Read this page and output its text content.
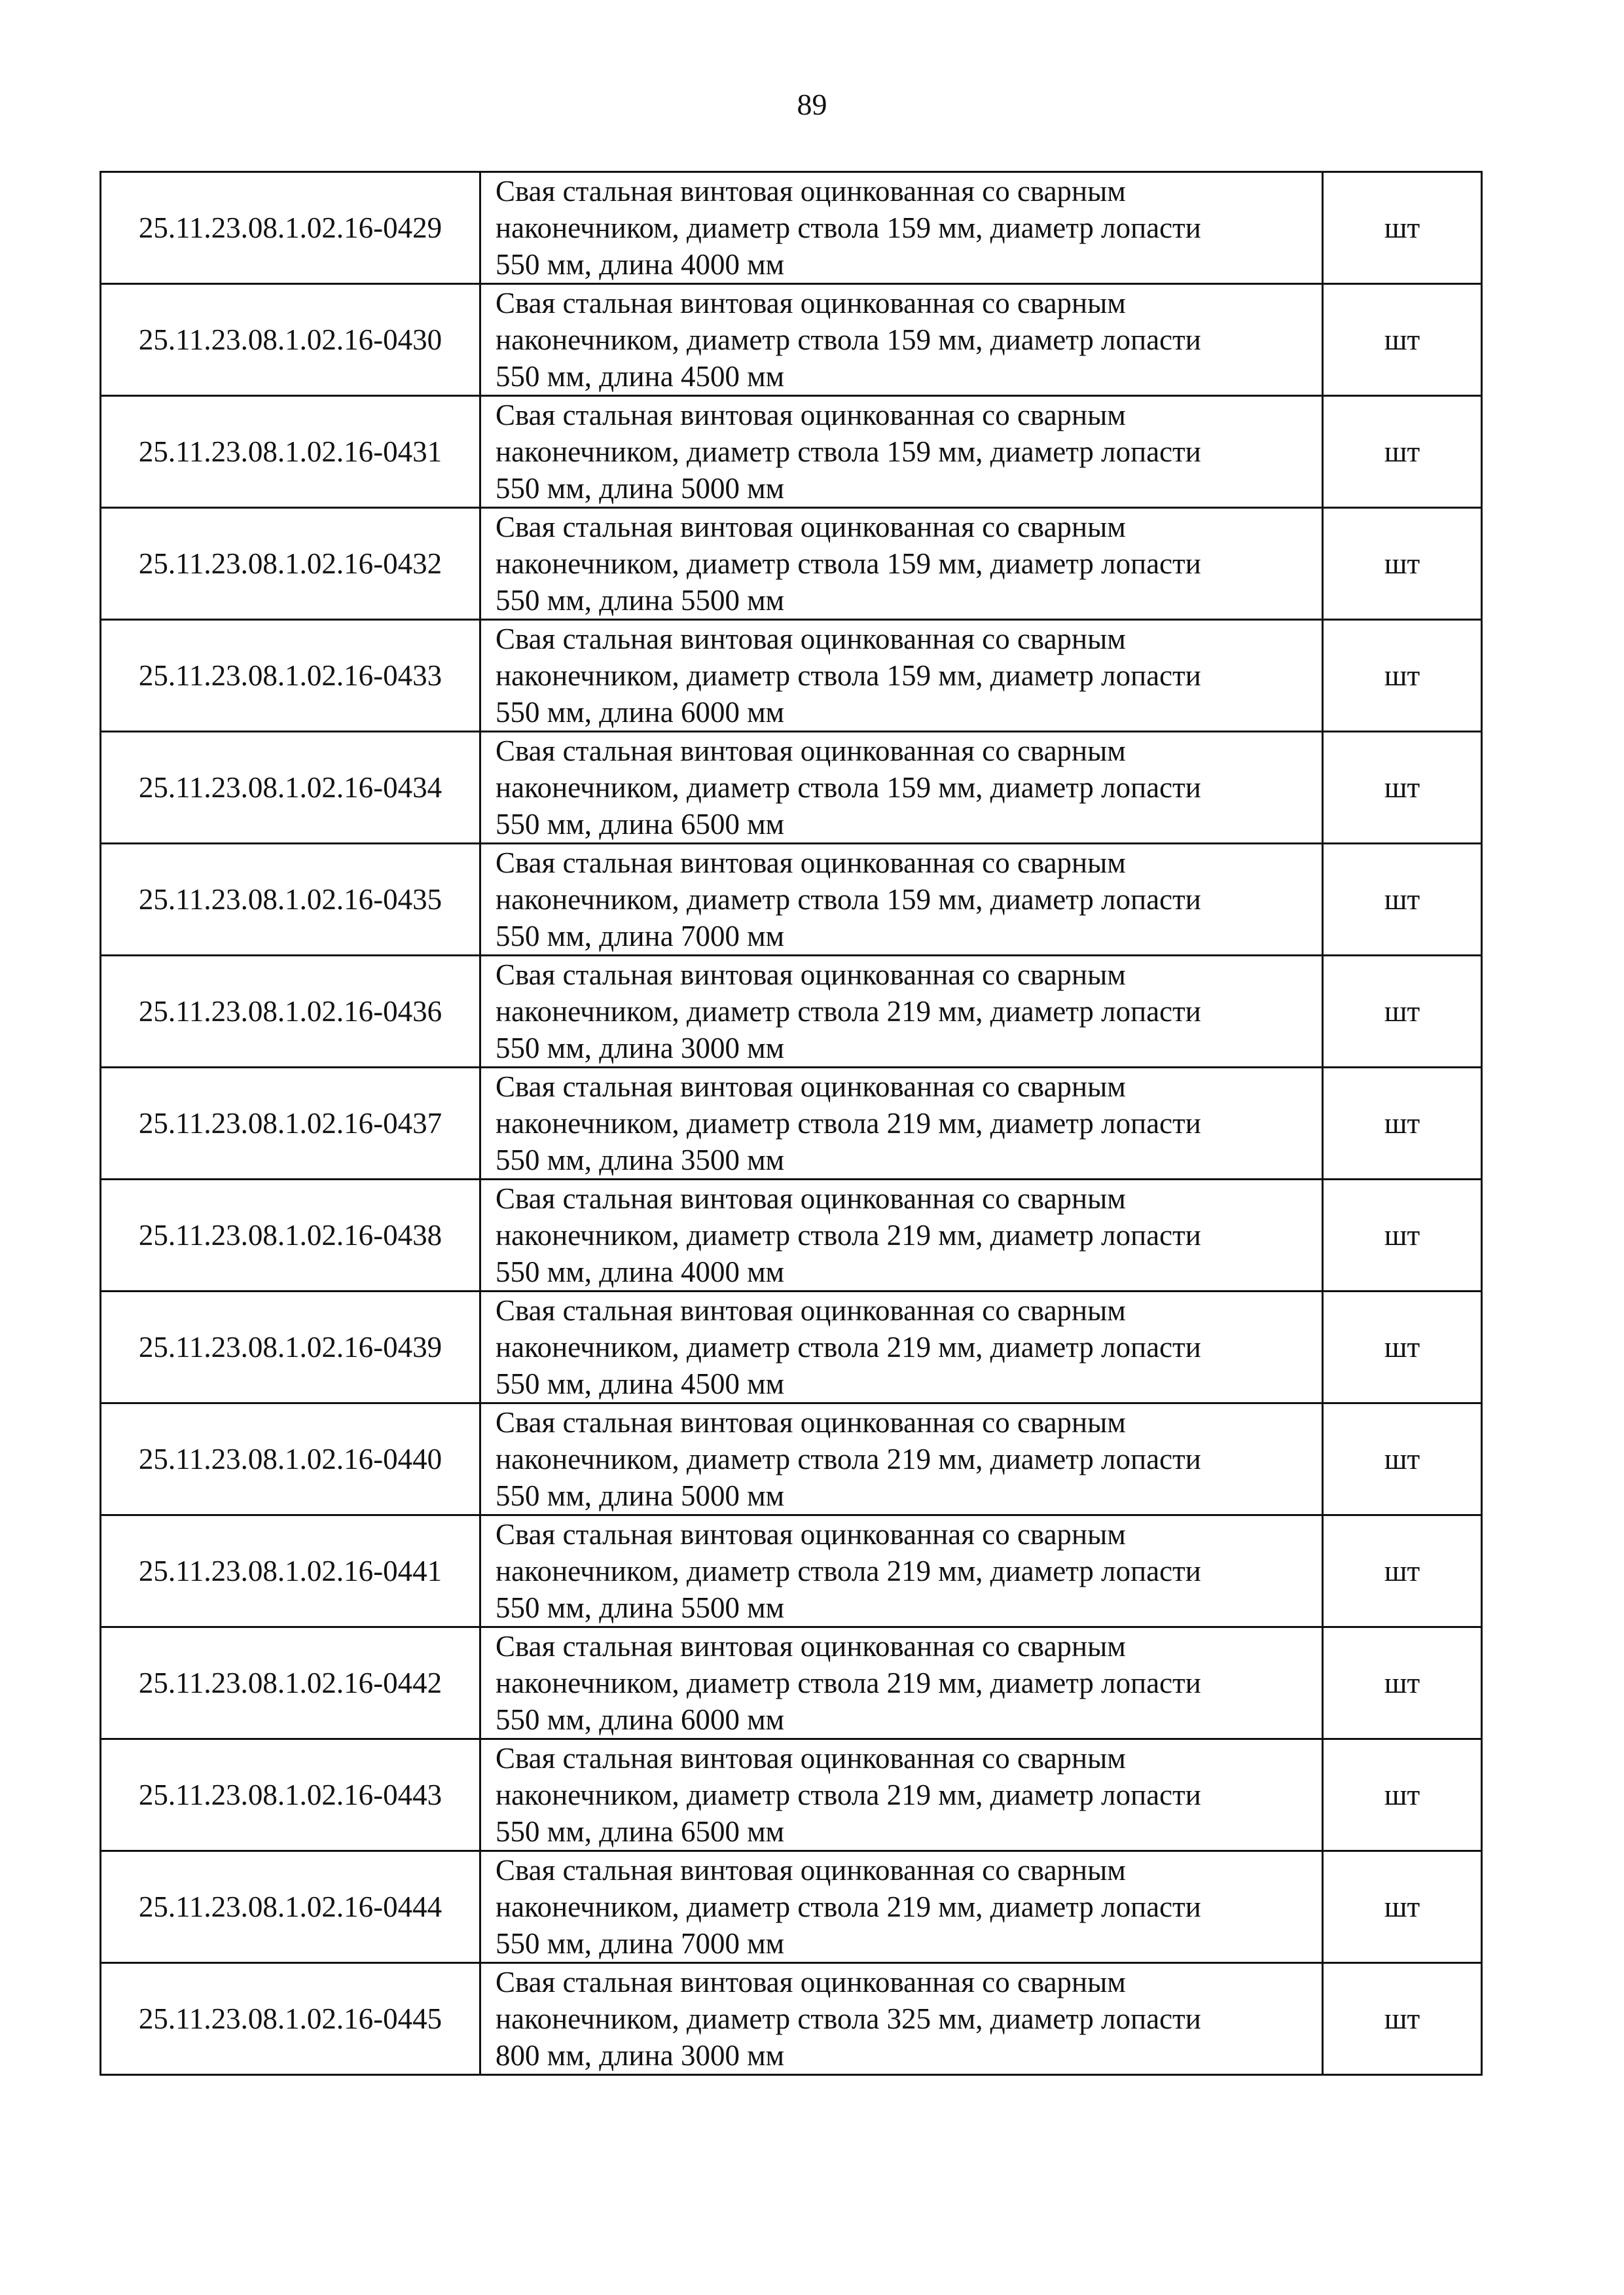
89
25.11.23.08.1.02.16-0429	Свая стальная винтовая оцинкованная со сварным
наконечником, диаметр ствола 159 мм, диаметр лопасти
550 мм, длина 4000 мм	шт
25.11.23.08.1.02.16-0430	Свая стальная винтовая оцинкованная со сварным
наконечником, диаметр ствола 159 мм, диаметр лопасти
550 мм, длина 4500 мм	шт
25.11.23.08.1.02.16-0431	Свая стальная винтовая оцинкованная со сварным
наконечником, диаметр ствола 159 мм, диаметр лопасти
550 мм, длина 5000 мм	шт
25.11.23.08.1.02.16-0432	Свая стальная винтовая оцинкованная со сварным
наконечником, диаметр ствола 159 мм, диаметр лопасти
550 мм, длина 5500 мм	шт
25.11.23.08.1.02.16-0433	Свая стальная винтовая оцинкованная со сварным
наконечником, диаметр ствола 159 мм, диаметр лопасти
550 мм, длина 6000 мм	шт
25.11.23.08.1.02.16-0434	Свая стальная винтовая оцинкованная со сварным
наконечником, диаметр ствола 159 мм, диаметр лопасти
550 мм, длина 6500 мм	шт
25.11.23.08.1.02.16-0435	Свая стальная винтовая оцинкованная со сварным
наконечником, диаметр ствола 159 мм, диаметр лопасти
550 мм, длина 7000 мм	шт
25.11.23.08.1.02.16-0436	Свая стальная винтовая оцинкованная со сварным
наконечником, диаметр ствола 219 мм, диаметр лопасти
550 мм, длина 3000 мм	шт
25.11.23.08.1.02.16-0437	Свая стальная винтовая оцинкованная со сварным
наконечником, диаметр ствола 219 мм, диаметр лопасти
550 мм, длина 3500 мм	шт
25.11.23.08.1.02.16-0438	Свая стальная винтовая оцинкованная со сварным
наконечником, диаметр ствола 219 мм, диаметр лопасти
550 мм, длина 4000 мм	шт
25.11.23.08.1.02.16-0439	Свая стальная винтовая оцинкованная со сварным
наконечником, диаметр ствола 219 мм, диаметр лопасти
550 мм, длина 4500 мм	шт
25.11.23.08.1.02.16-0440	Свая стальная винтовая оцинкованная со сварным
наконечником, диаметр ствола 219 мм, диаметр лопасти
550 мм, длина 5000 мм	шт
25.11.23.08.1.02.16-0441	Свая стальная винтовая оцинкованная со сварным
наконечником, диаметр ствола 219 мм, диаметр лопасти
550 мм, длина 5500 мм	шт
25.11.23.08.1.02.16-0442	Свая стальная винтовая оцинкованная со сварным
наконечником, диаметр ствола 219 мм, диаметр лопасти
550 мм, длина 6000 мм	шт
25.11.23.08.1.02.16-0443	Свая стальная винтовая оцинкованная со сварным
наконечником, диаметр ствола 219 мм, диаметр лопасти
550 мм, длина 6500 мм	шт
25.11.23.08.1.02.16-0444	Свая стальная винтовая оцинкованная со сварным
наконечником, диаметр ствола 219 мм, диаметр лопасти
550 мм, длина 7000 мм	шт
25.11.23.08.1.02.16-0445	Свая стальная винтовая оцинкованная со сварным
наконечником, диаметр ствола 325 мм, диаметр лопасти
800 мм, длина 3000 мм	шт
